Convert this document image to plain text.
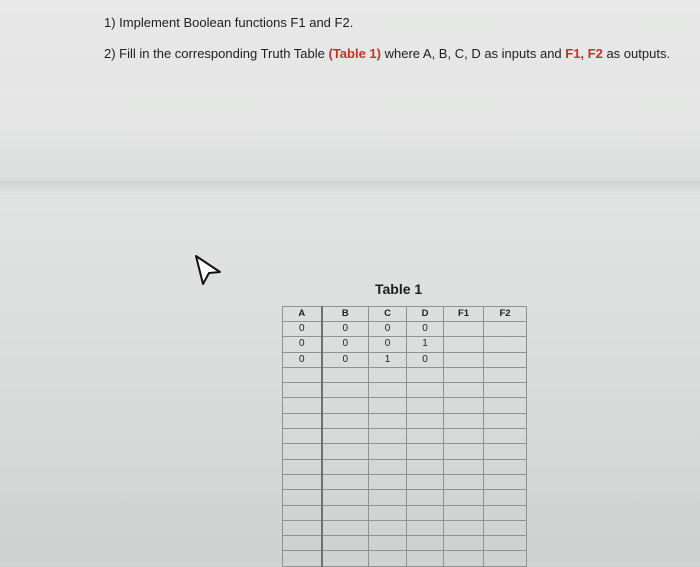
1) Implement Boolean functions F1 and F2.
2) Fill in the corresponding Truth Table (Table 1) where A, B, C, D as inputs and F1, F2 as outputs.
Table 1
A	B	C	D	F1	F2
0	0	0	0		
0	0	0	1		
0	0	1	0		
